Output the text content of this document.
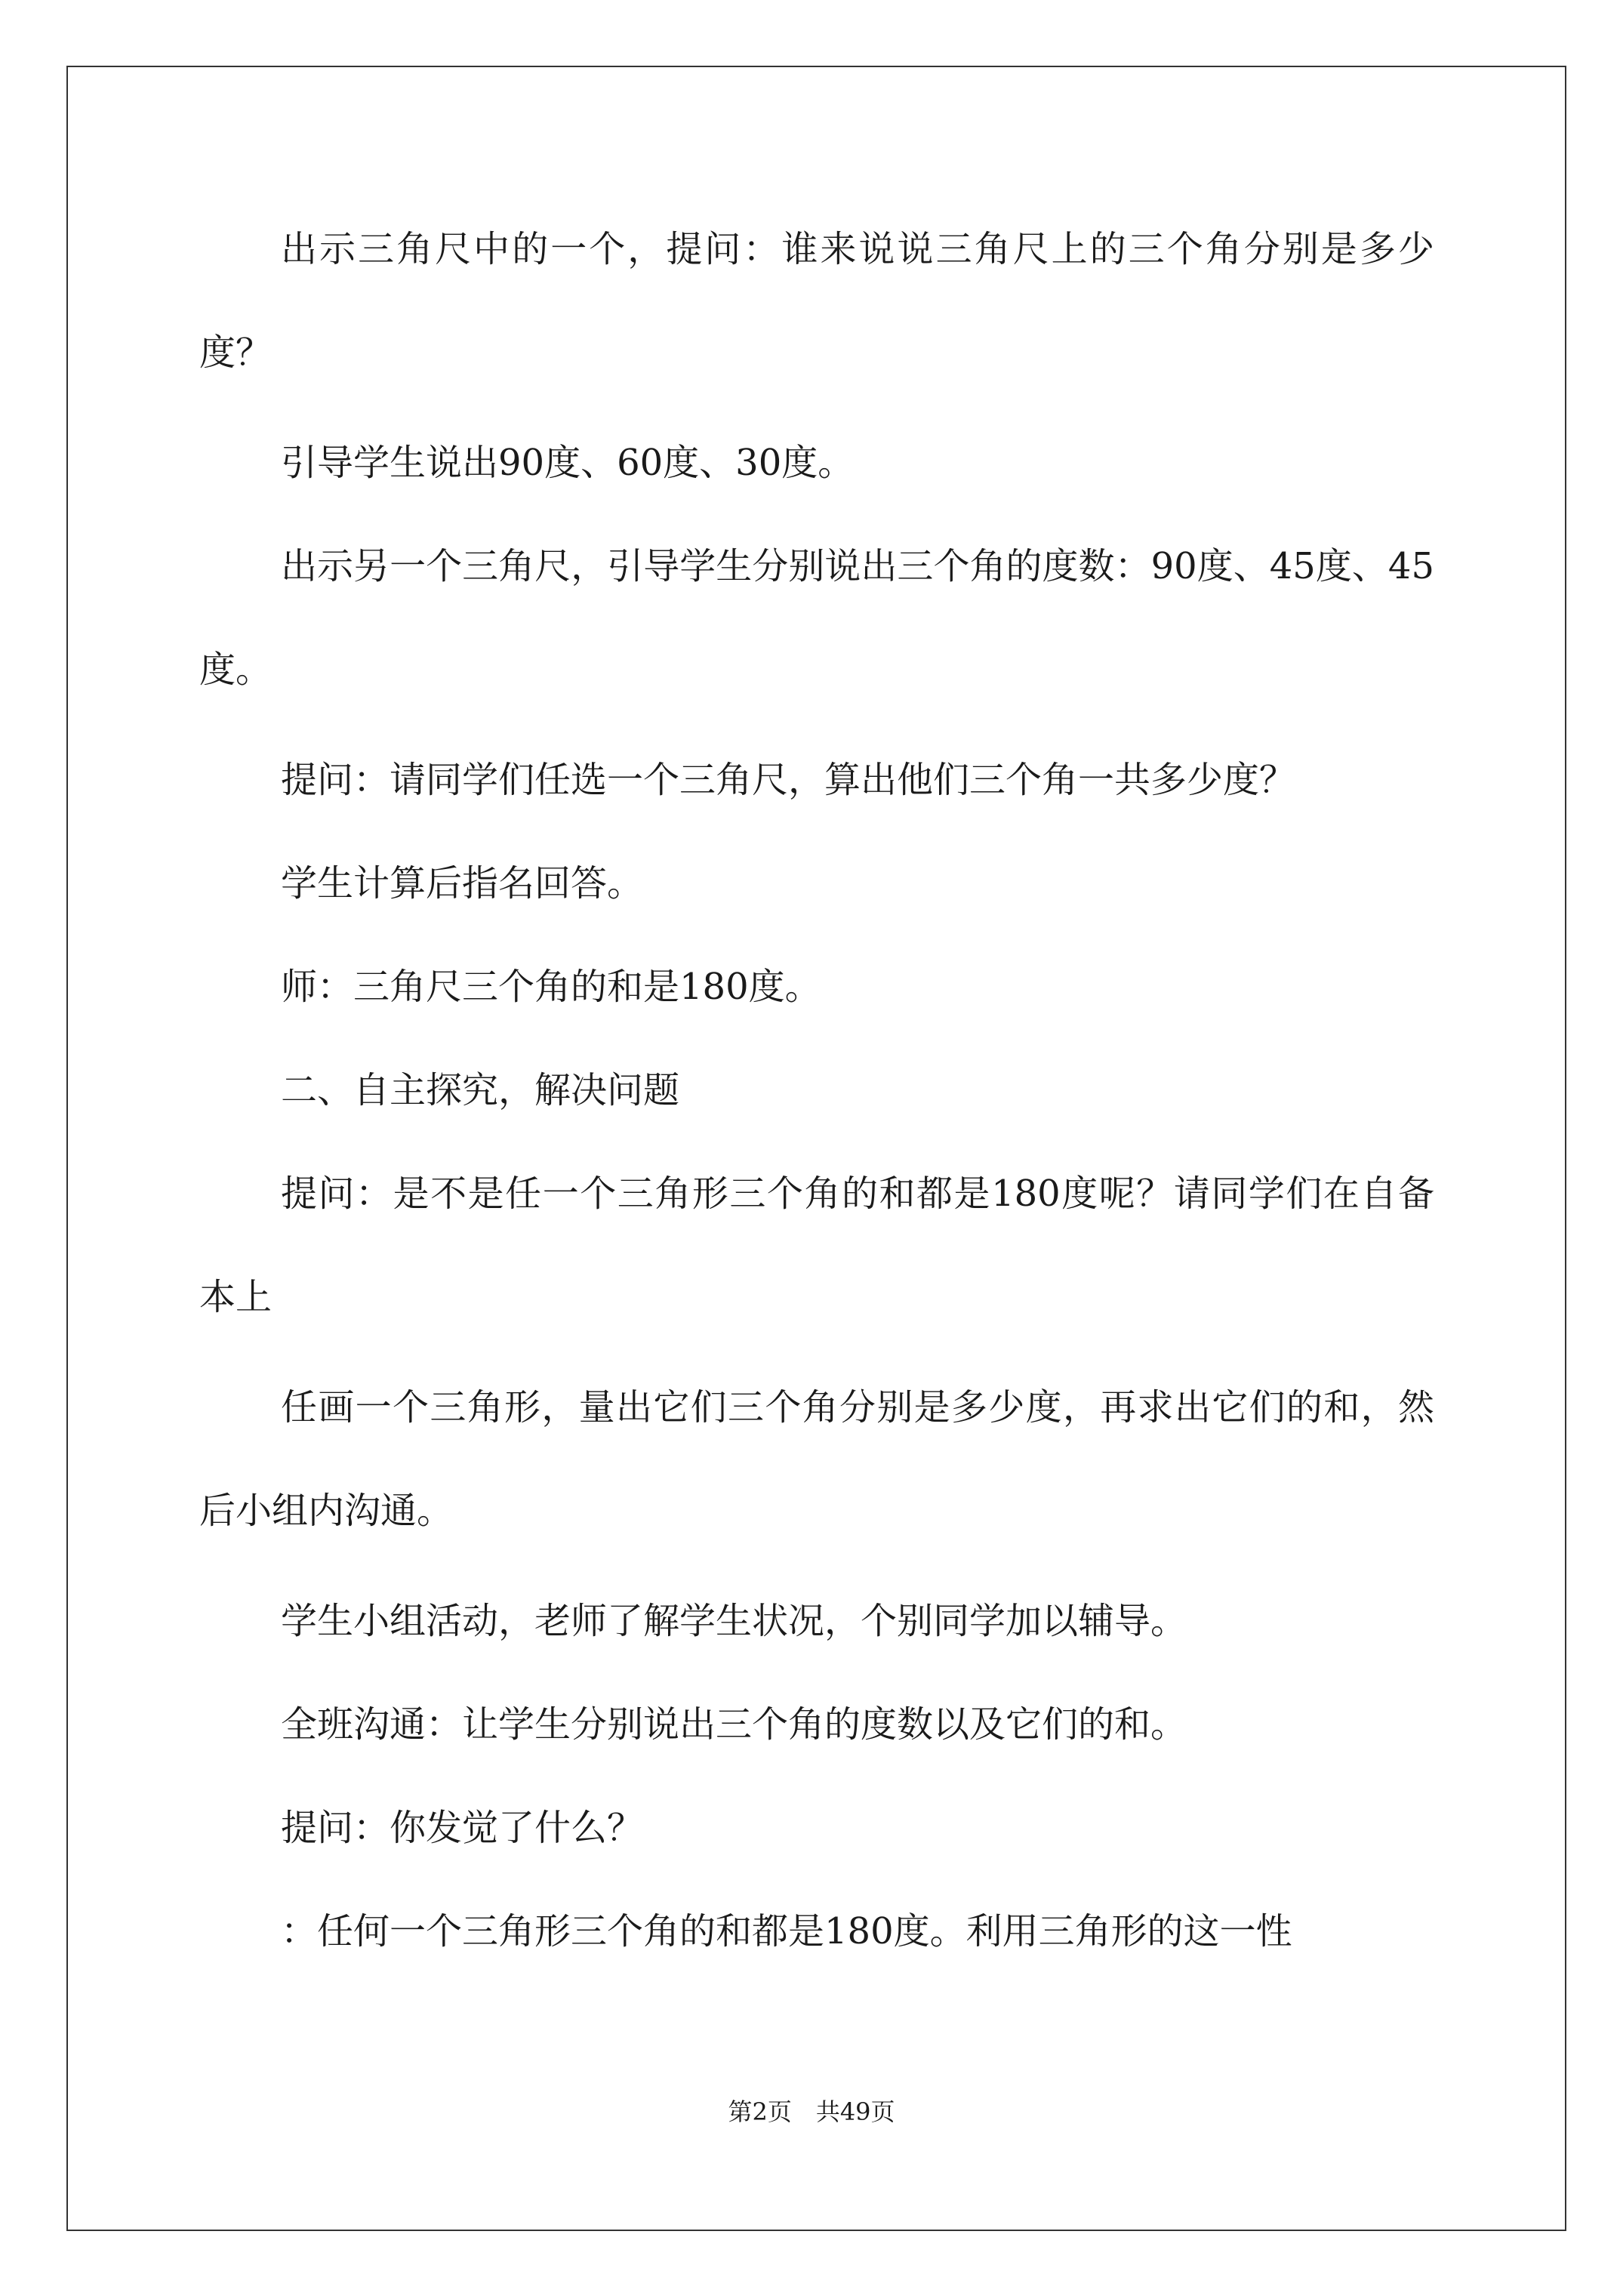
出示三角尺中的一个，提问：谁来说说三角尺上的三个角分别是多少度？

引导学生说出90度、60度、30度。

出示另一个三角尺，引导学生分别说出三个角的度数：90度、45度、45度。

提问：请同学们任选一个三角尺，算出他们三个角一共多少度？

学生计算后指名回答。

师：三角尺三个角的和是180度。

二、自主探究，解决问题

提问：是不是任一个三角形三个角的和都是180度呢？请同学们在自备本上

任画一个三角形，量出它们三个角分别是多少度，再求出它们的和，然后小组内沟通。

学生小组活动，老师了解学生状况，个别同学加以辅导。

全班沟通：让学生分别说出三个角的度数以及它们的和。

提问：你发觉了什么？

：任何一个三角形三个角的和都是180度。利用三角形的这一性

第2页　共49页
